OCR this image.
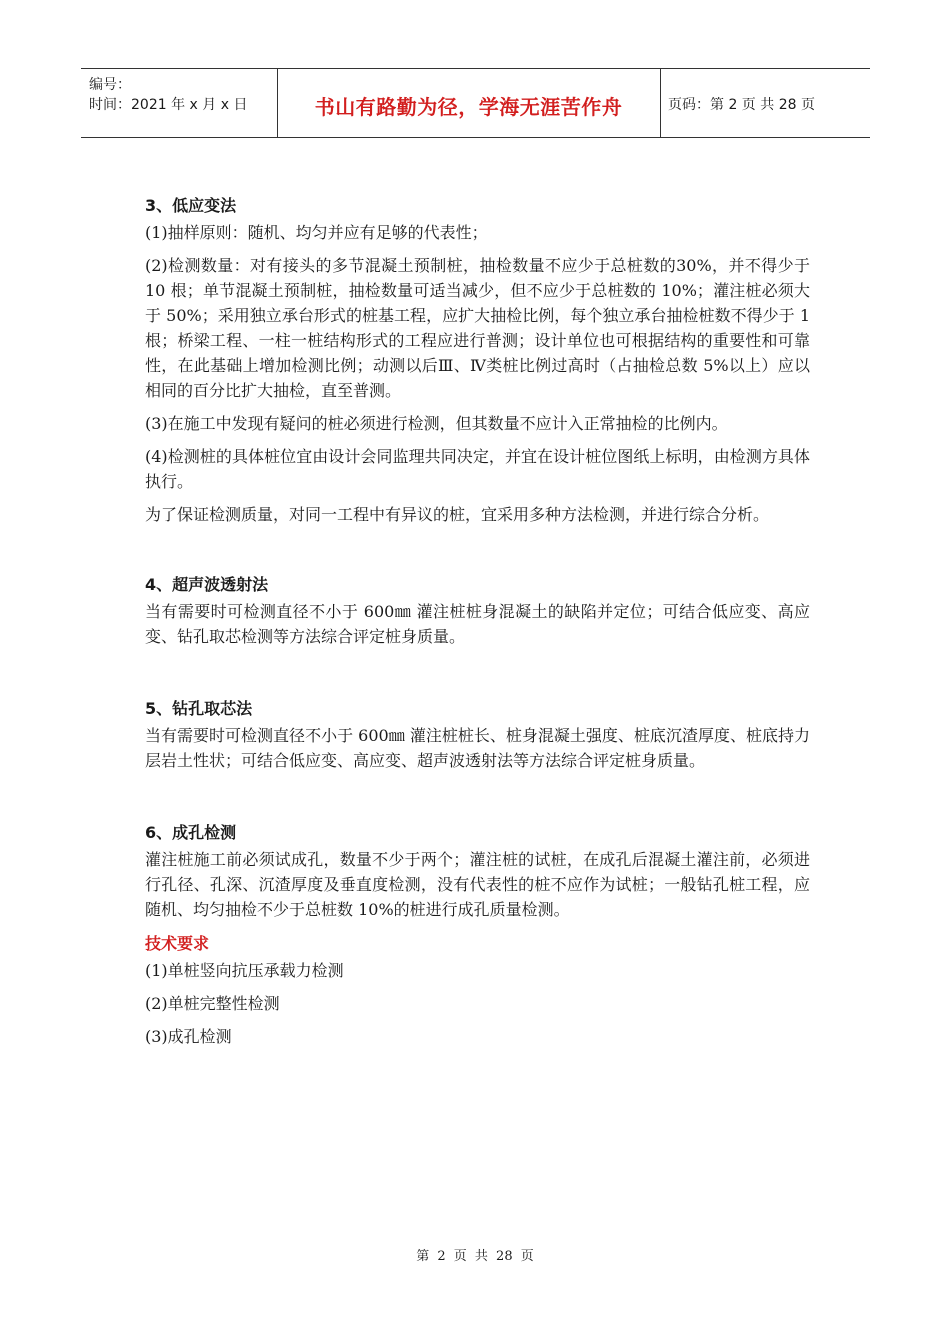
编号：
时间：2021 年 x 月 x 日	书山有路勤为径，学海无涯苦作舟	页码：第 2 页 共 28 页

3、低应变法

(1)抽样原则：随机、均匀并应有足够的代表性；

(2)检测数量：对有接头的多节混凝土预制桩，抽检数量不应少于总桩数的30%，并不得少于 10 根；单节混凝土预制桩，抽检数量可适当减少，但不应少于总桩数的 10%；灌注桩必须大于 50%；采用独立承台形式的桩基工程，应扩大抽检比例，每个独立承台抽检桩数不得少于 1 根；桥梁工程、一柱一桩结构形式的工程应进行普测；设计单位也可根据结构的重要性和可靠性，在此基础上增加检测比例；动测以后Ⅲ、Ⅳ类桩比例过高时（占抽检总数 5%以上）应以相同的百分比扩大抽检，直至普测。

(3)在施工中发现有疑问的桩必须进行检测，但其数量不应计入正常抽检的比例内。

(4)检测桩的具体桩位宜由设计会同监理共同决定，并宜在设计桩位图纸上标明，由检测方具体执行。

为了保证检测质量，对同一工程中有异议的桩，宜采用多种方法检测，并进行综合分析。

4、超声波透射法

当有需要时可检测直径不小于 600㎜ 灌注桩桩身混凝土的缺陷并定位；可结合低应变、高应变、钻孔取芯检测等方法综合评定桩身质量。

5、钻孔取芯法

当有需要时可检测直径不小于 600㎜ 灌注桩桩长、桩身混凝土强度、桩底沉渣厚度、桩底持力层岩土性状；可结合低应变、高应变、超声波透射法等方法综合评定桩身质量。

6、成孔检测

灌注桩施工前必须试成孔，数量不少于两个；灌注桩的试桩，在成孔后混凝土灌注前，必须进行孔径、孔深、沉渣厚度及垂直度检测，没有代表性的桩不应作为试桩；一般钻孔桩工程，应随机、均匀抽检不少于总桩数 10%的桩进行成孔质量检测。

技术要求

(1)单桩竖向抗压承载力检测

(2)单桩完整性检测

(3)成孔检测

第 2 页 共 28 页
